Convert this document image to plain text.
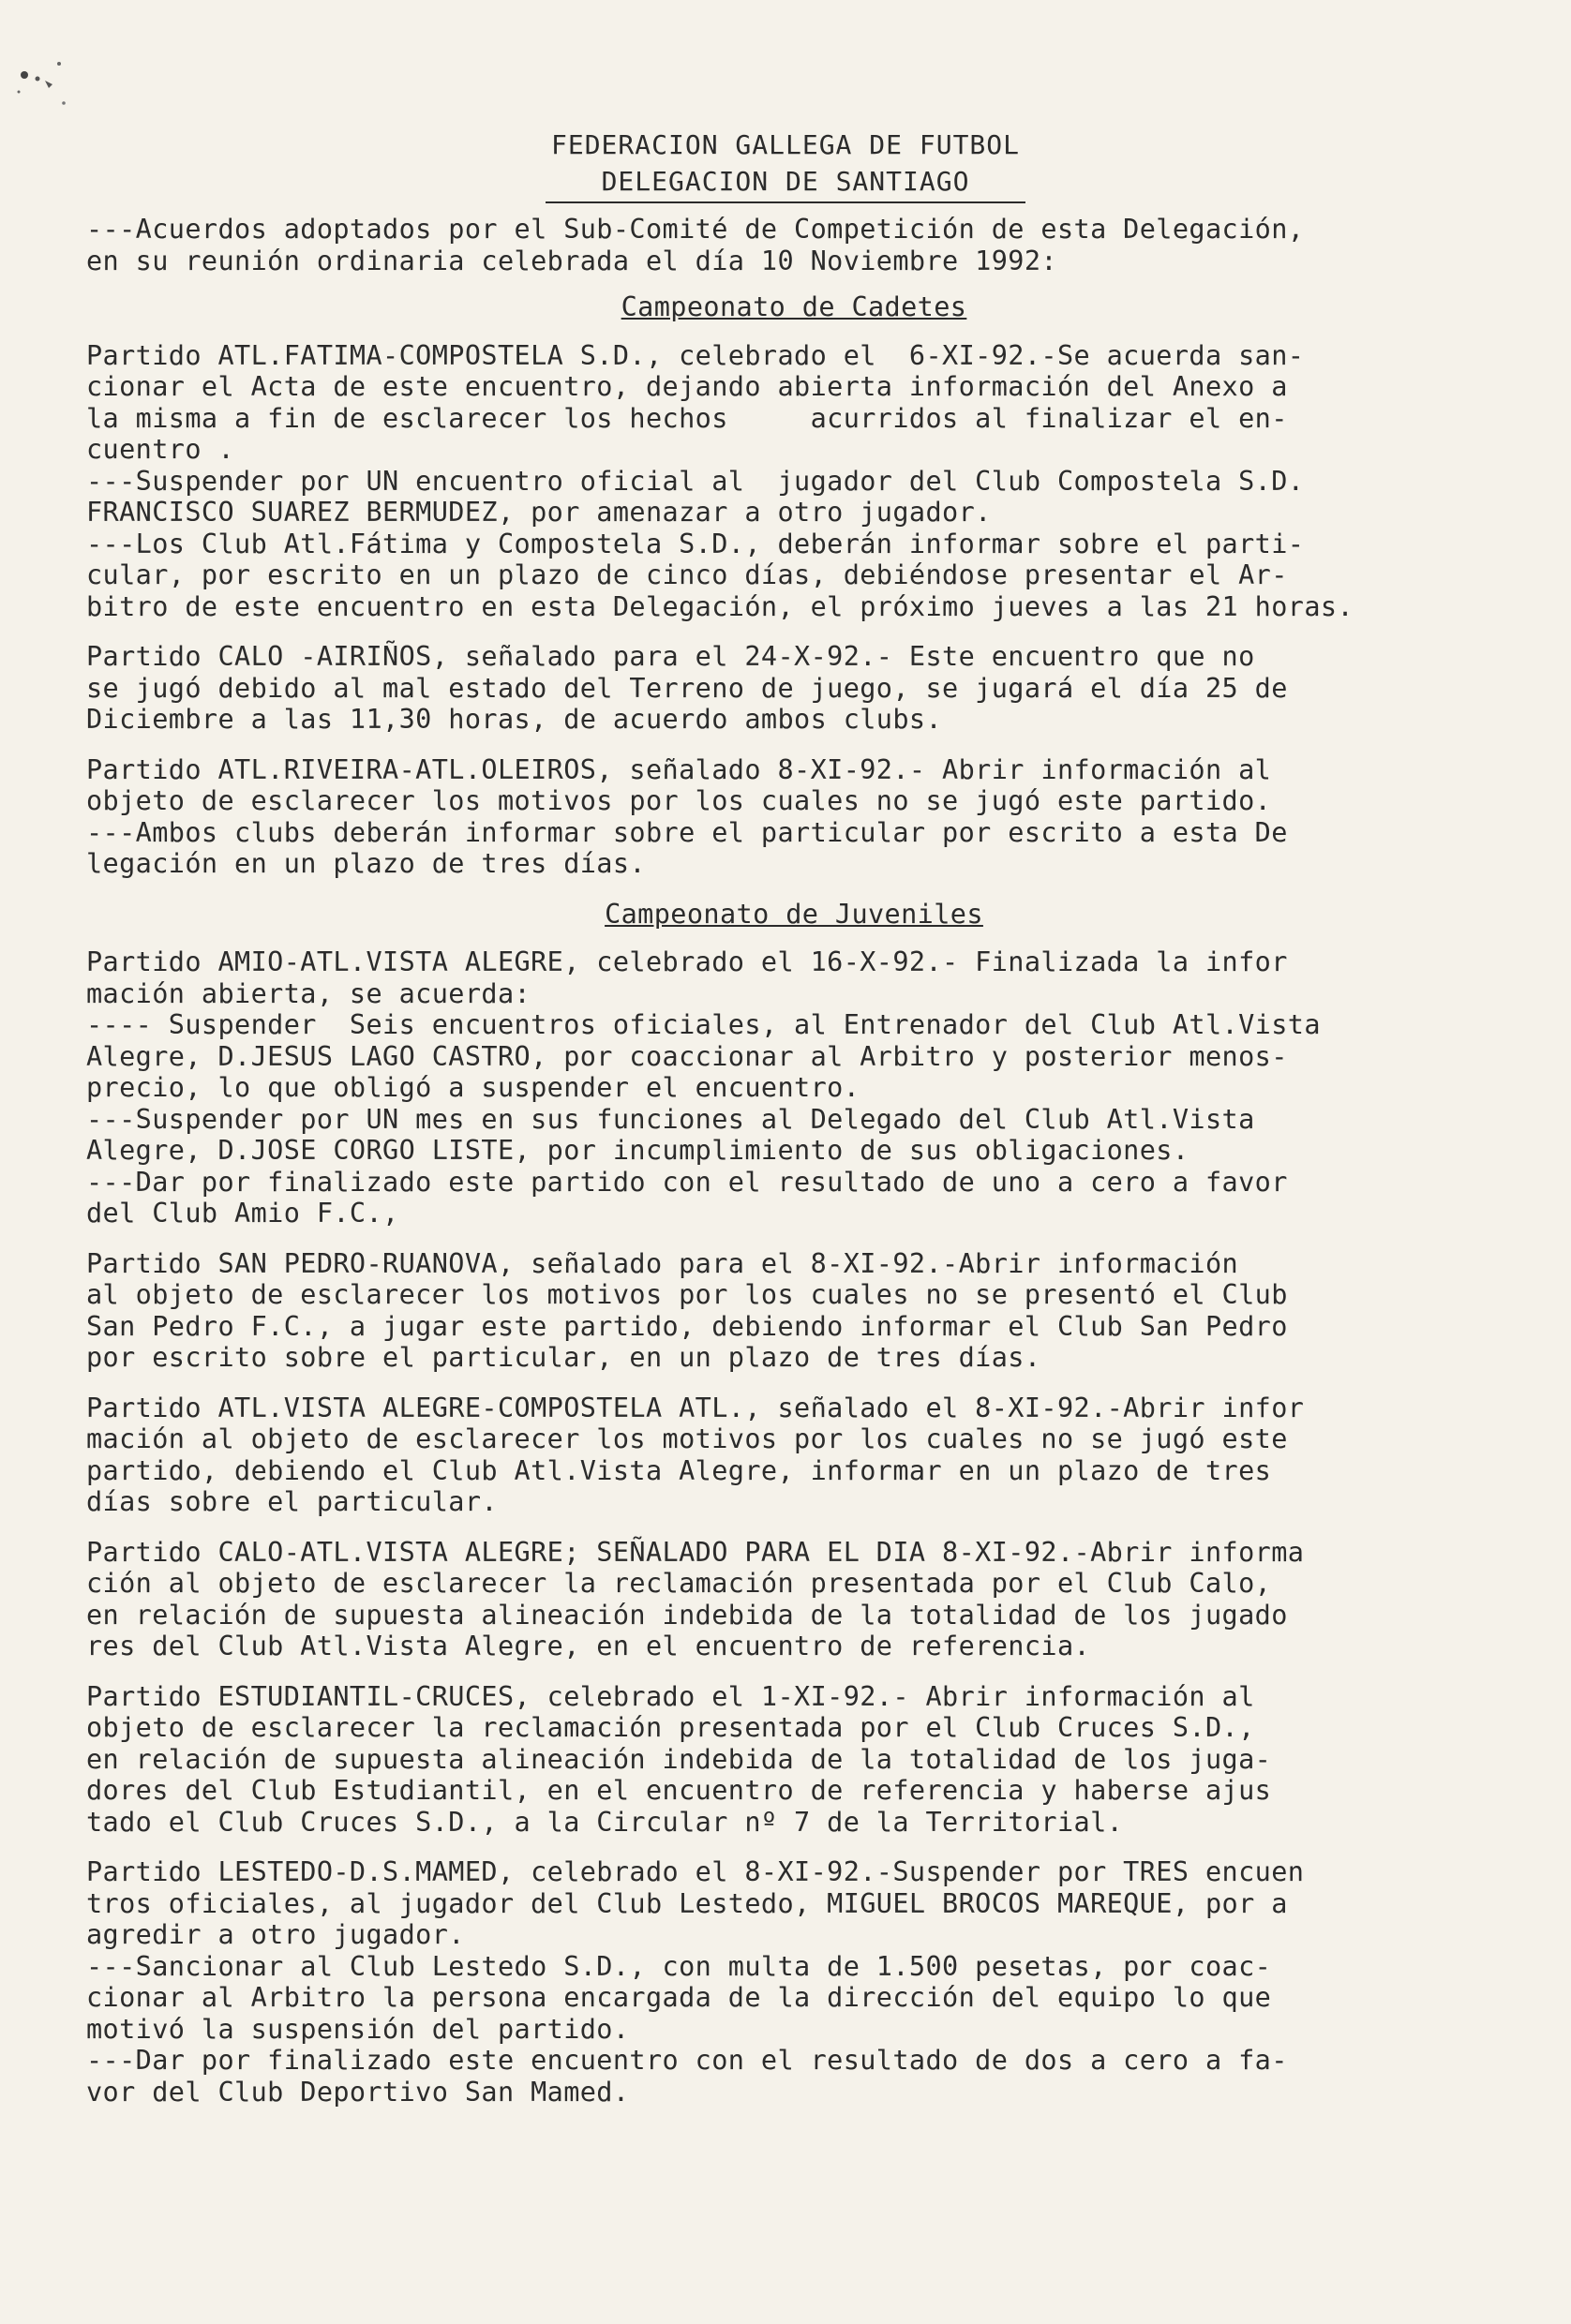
FEDERACION GALLEGA DE FUTBOL
DELEGACION DE SANTIAGO
---Acuerdos adoptados por el Sub-Comité de Competición de esta Delegación,
en su reunión ordinaria celebrada el día 10 Noviembre 1992:
Campeonato de Cadetes
Partido ATL.FATIMA-COMPOSTELA S.D., celebrado el  6-XI-92.-Se acuerda san-
cionar el Acta de este encuentro, dejando abierta información del Anexo a
la misma a fin de esclarecer los hechos     acurridos al finalizar el en-
cuentro .
---Suspender por UN encuentro oficial al  jugador del Club Compostela S.D.
FRANCISCO SUAREZ BERMUDEZ, por amenazar a otro jugador.
---Los Club Atl.Fátima y Compostela S.D., deberán informar sobre el parti-
cular, por escrito en un plazo de cinco días, debiéndose presentar el Ar-
bitro de este encuentro en esta Delegación, el próximo jueves a las 21 horas.
Partido CALO -AIRIÑOS, señalado para el 24-X-92.- Este encuentro que no
se jugó debido al mal estado del Terreno de juego, se jugará el día 25 de
Diciembre a las 11,30 horas, de acuerdo ambos clubs.
Partido ATL.RIVEIRA-ATL.OLEIROS, señalado 8-XI-92.- Abrir información al
objeto de esclarecer los motivos por los cuales no se jugó este partido.
---Ambos clubs deberán informar sobre el particular por escrito a esta De
legación en un plazo de tres días.
Campeonato de Juveniles
Partido AMIO-ATL.VISTA ALEGRE, celebrado el 16-X-92.- Finalizada la infor
mación abierta, se acuerda:
---- Suspender  Seis encuentros oficiales, al Entrenador del Club Atl.Vista
Alegre, D.JESUS LAGO CASTRO, por coaccionar al Arbitro y posterior menos-
precio, lo que obligó a suspender el encuentro.
---Suspender por UN mes en sus funciones al Delegado del Club Atl.Vista
Alegre, D.JOSE CORGO LISTE, por incumplimiento de sus obligaciones.
---Dar por finalizado este partido con el resultado de uno a cero a favor
del Club Amio F.C.,
Partido SAN PEDRO-RUANOVA, señalado para el 8-XI-92.-Abrir información
al objeto de esclarecer los motivos por los cuales no se presentó el Club
San Pedro F.C., a jugar este partido, debiendo informar el Club San Pedro
por escrito sobre el particular, en un plazo de tres días.
Partido ATL.VISTA ALEGRE-COMPOSTELA ATL., señalado el 8-XI-92.-Abrir infor
mación al objeto de esclarecer los motivos por los cuales no se jugó este
partido, debiendo el Club Atl.Vista Alegre, informar en un plazo de tres
días sobre el particular.
Partido CALO-ATL.VISTA ALEGRE; SEÑALADO PARA EL DIA 8-XI-92.-Abrir informa
ción al objeto de esclarecer la reclamación presentada por el Club Calo,
en relación de supuesta alineación indebida de la totalidad de los jugado
res del Club Atl.Vista Alegre, en el encuentro de referencia.
Partido ESTUDIANTIL-CRUCES, celebrado el 1-XI-92.- Abrir información al
objeto de esclarecer la reclamación presentada por el Club Cruces S.D.,
en relación de supuesta alineación indebida de la totalidad de los juga-
dores del Club Estudiantil, en el encuentro de referencia y haberse ajus
tado el Club Cruces S.D., a la Circular nº 7 de la Territorial.
Partido LESTEDO-D.S.MAMED, celebrado el 8-XI-92.-Suspender por TRES encuen
tros oficiales, al jugador del Club Lestedo, MIGUEL BROCOS MAREQUE, por a
agredir a otro jugador.
---Sancionar al Club Lestedo S.D., con multa de 1.500 pesetas, por coac-
cionar al Arbitro la persona encargada de la dirección del equipo lo que
motivó la suspensión del partido.
---Dar por finalizado este encuentro con el resultado de dos a cero a fa-
vor del Club Deportivo San Mamed.
